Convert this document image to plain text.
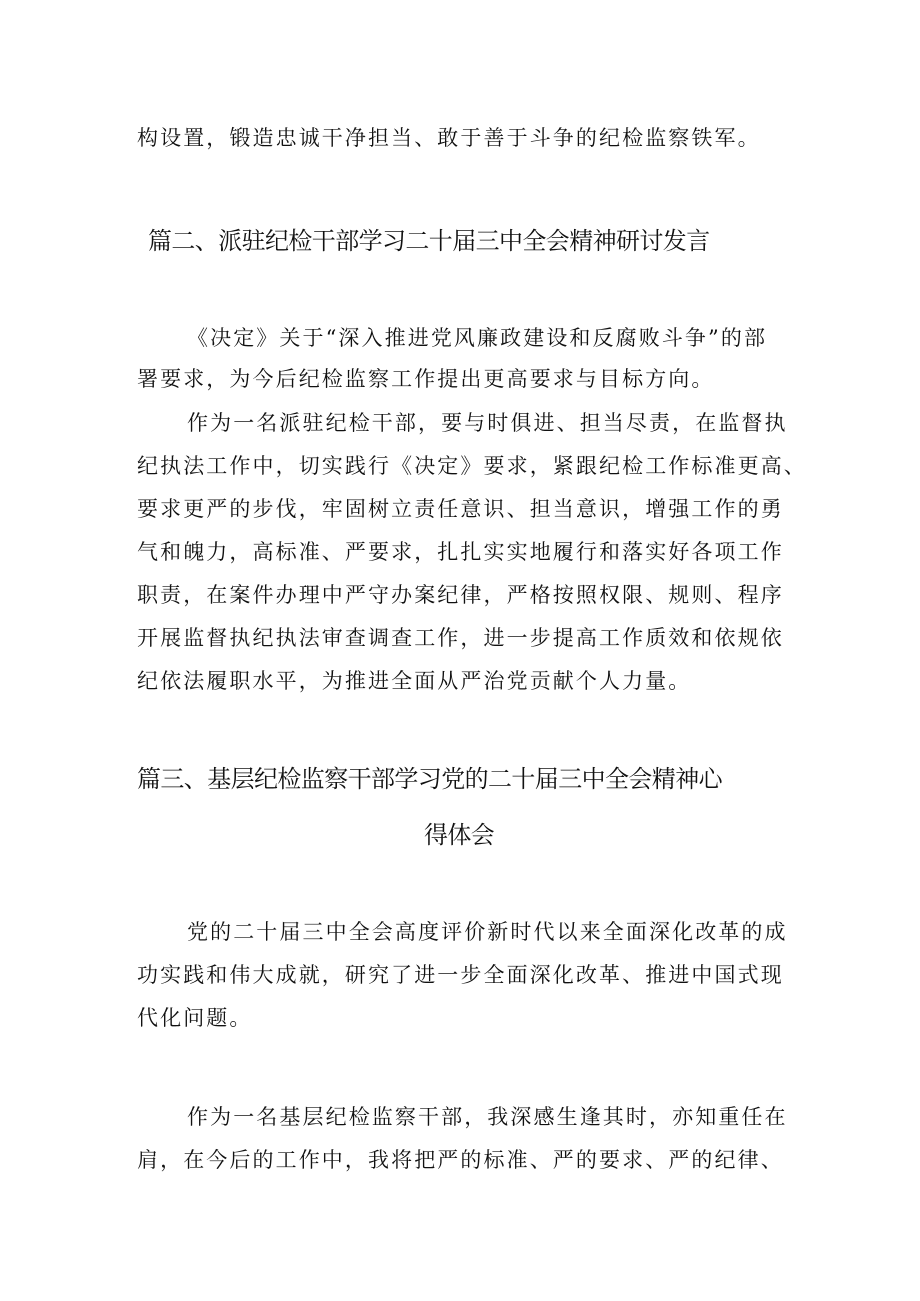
构设置，锻造忠诚干净担当、敢于善于斗争的纪检监察铁军。
篇二、派驻纪检干部学习二十届三中全会精神研讨发言
《决定》关于“深入推进党风廉政建设和反腐败斗争”的部
署要求，为今后纪检监察工作提出更高要求与目标方向。
作为一名派驻纪检干部，要与时俱进、担当尽责，在监督执
纪执法工作中，切实践行《决定》要求，紧跟纪检工作标准更高、
要求更严的步伐，牢固树立责任意识、担当意识，增强工作的勇
气和魄力，高标准、严要求，扎扎实实地履行和落实好各项工作
职责，在案件办理中严守办案纪律，严格按照权限、规则、程序
开展监督执纪执法审查调查工作，进一步提高工作质效和依规依
纪依法履职水平，为推进全面从严治党贡献个人力量。
篇三、基层纪检监察干部学习党的二十届三中全会精神心
得体会
党的二十届三中全会高度评价新时代以来全面深化改革的成
功实践和伟大成就，研究了进一步全面深化改革、推进中国式现
代化问题。
作为一名基层纪检监察干部，我深感生逢其时，亦知重任在
肩，在今后的工作中，我将把严的标准、严的要求、严的纪律、
